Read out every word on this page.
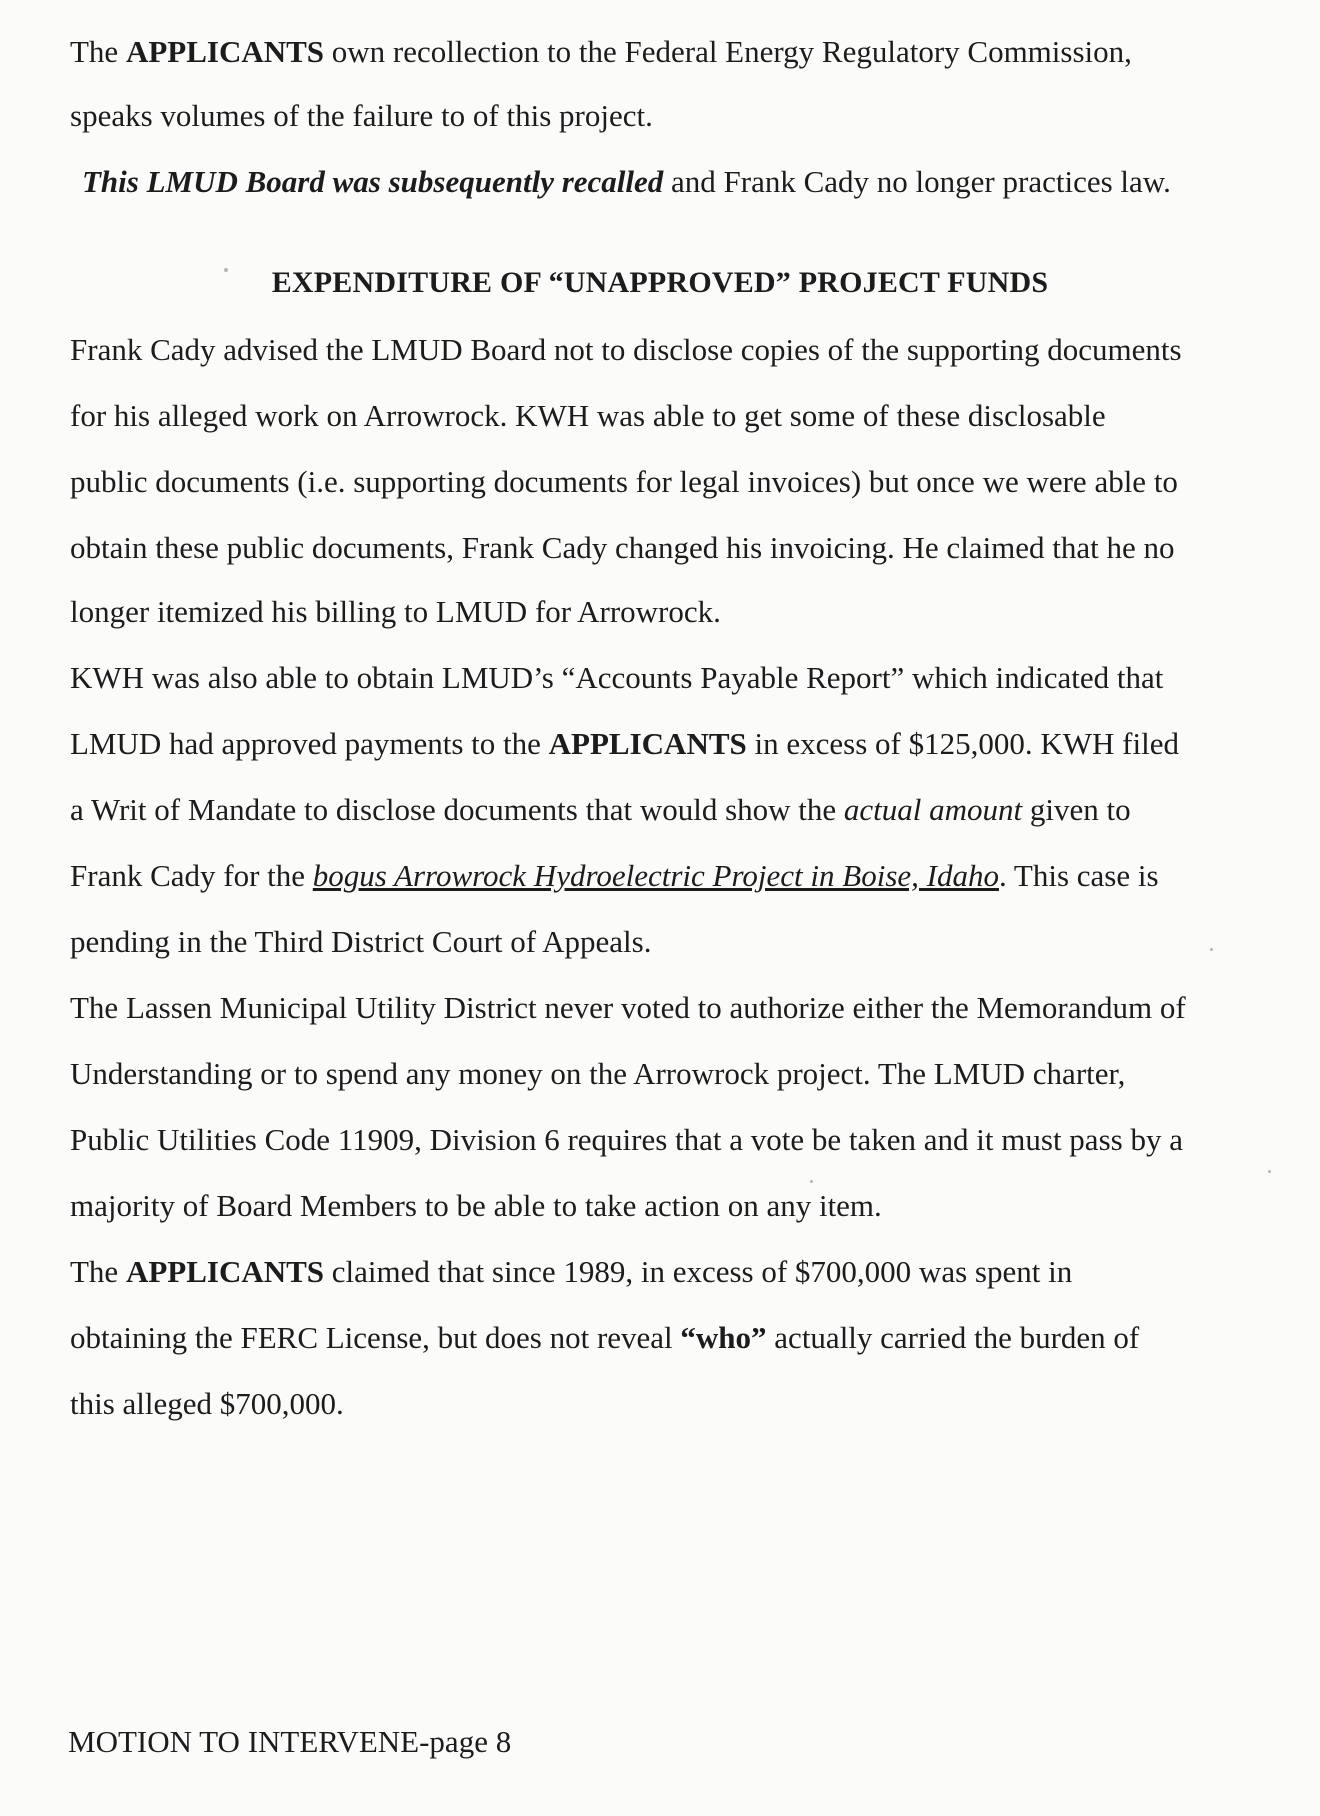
The APPLICANTS own recollection to the Federal Energy Regulatory Commission,
speaks volumes of the failure to of this project.
This LMUD Board was subsequently recalled and Frank Cady no longer practices law.
EXPENDITURE OF “UNAPPROVED” PROJECT FUNDS
Frank Cady advised the LMUD Board not to disclose copies of the supporting documents
for his alleged work on Arrowrock. KWH was able to get some of these disclosable
public documents (i.e. supporting documents for legal invoices) but once we were able to
obtain these public documents, Frank Cady changed his invoicing. He claimed that he no
longer itemized his billing to LMUD for Arrowrock.
KWH was also able to obtain LMUD’s “Accounts Payable Report” which indicated that
LMUD had approved payments to the APPLICANTS in excess of $125,000. KWH filed
a Writ of Mandate to disclose documents that would show the actual amount given to
Frank Cady for the bogus Arrowrock Hydroelectric Project in Boise, Idaho. This case is
pending in the Third District Court of Appeals.
The Lassen Municipal Utility District never voted to authorize either the Memorandum of
Understanding or to spend any money on the Arrowrock project. The LMUD charter,
Public Utilities Code 11909, Division 6 requires that a vote be taken and it must pass by a
majority of Board Members to be able to take action on any item.
The APPLICANTS claimed that since 1989, in excess of $700,000 was spent in
obtaining the FERC License, but does not reveal “who” actually carried the burden of
this alleged $700,000.
MOTION TO INTERVENE-page 8
